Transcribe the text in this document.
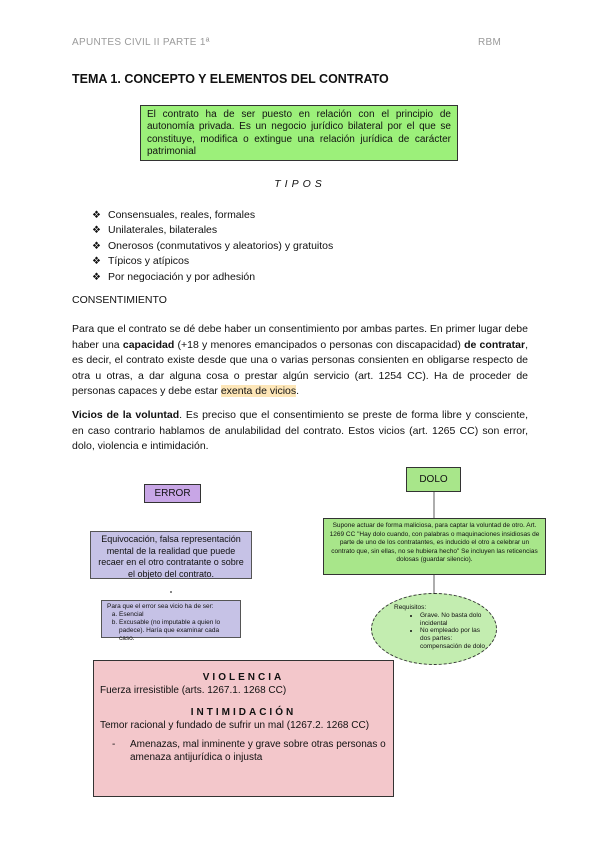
APUNTES CIVIL II PARTE 1ª	RBM
TEMA 1. CONCEPTO Y ELEMENTOS DEL CONTRATO
El contrato ha de ser puesto en relación con el principio de autonomía privada. Es un negocio jurídico bilateral por el que se constituye, modifica o extingue una relación jurídica de carácter patrimonial
TIPOS
❖ Consensuales, reales, formales
❖ Unilaterales, bilaterales
❖ Onerosos (conmutativos y aleatorios) y gratuitos
❖ Típicos y atípicos
❖ Por negociación y por adhesión
CONSENTIMIENTO

Para que el contrato se dé debe haber un consentimiento por ambas partes. En primer lugar debe haber una capacidad (+18 y menores emancipados o personas con discapacidad) de contratar, es decir, el contrato existe desde que una o varias personas consienten en obligarse respecto de otra u otras, a dar alguna cosa o prestar algún servicio (art. 1254 CC). Ha de proceder de personas capaces y debe estar exenta de vicios.

Vicios de la voluntad. Es preciso que el consentimiento se preste de forma libre y consciente, en caso contrario hablamos de anulabilidad del contrato. Estos vicios (art. 1265 CC) son error, dolo, violencia e intimidación.

ERROR
Equivocación, falsa representación mental de la realidad que puede recaer en el otro contratante o sobre el objeto del contrato.
Para que el error sea vicio ha de ser:
a. Esencial
b. Excusable (no imputable a quien lo padece). Haría que examinar cada caso.
DOLO
Supone actuar de forma maliciosa, para captar la voluntad de otro. Art. 1269 CC "Hay dolo cuando, con palabras o maquinaciones insidiosas de parte de uno de los contratantes, es inducido el otro a celebrar un contrato que, sin ellas, no se hubiera hecho" Se incluyen las reticencias dolosas (guardar silencio).
Requisitos:
• Grave. No basta dolo incidental
• No empleado por las dos partes: compensación de dolo
VIOLENCIA
Fuerza irresistible (arts. 1267.1. 1268 CC)
INTIMIDACIÓN
Temor racional y fundado de sufrir un mal (1267.2. 1268 CC)
- Amenazas, mal inminente y grave sobre otras personas o amenaza antijurídica o injusta
